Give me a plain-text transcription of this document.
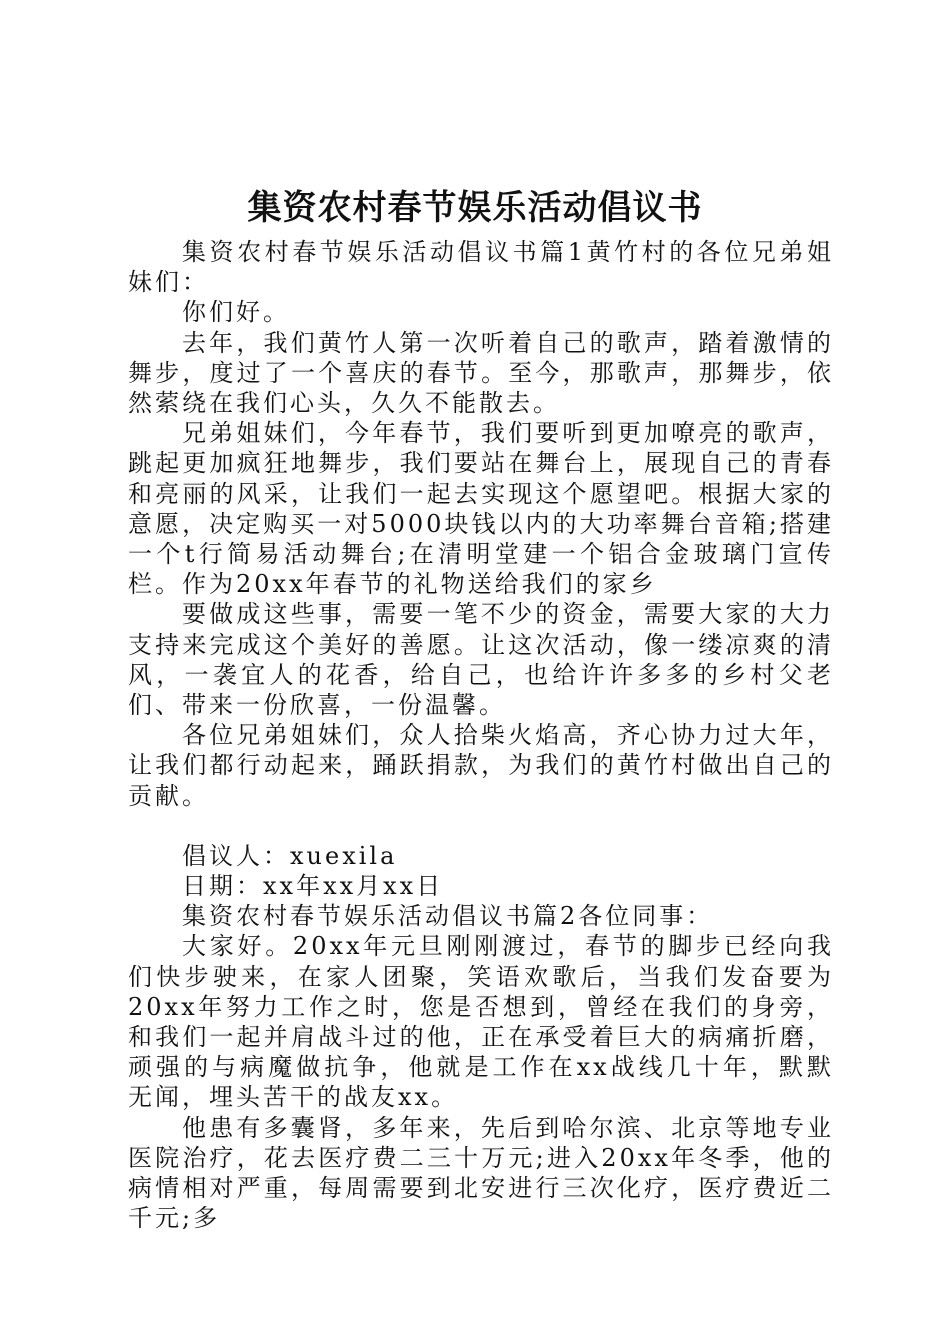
集资农村春节娱乐活动倡议书

集资农村春节娱乐活动倡议书篇1黄竹村的各位兄弟姐妹们：

你们好。

去年，我们黄竹人第一次听着自己的歌声，踏着激情的舞步，度过了一个喜庆的春节。至今，那歌声，那舞步，依然萦绕在我们心头，久久不能散去。

兄弟姐妹们，今年春节，我们要听到更加嘹亮的歌声，跳起更加疯狂地舞步，我们要站在舞台上，展现自己的青春和亮丽的风采，让我们一起去实现这个愿望吧。根据大家的意愿，决定购买一对5000块钱以内的大功率舞台音箱;搭建一个t行简易活动舞台;在清明堂建一个铝合金玻璃门宣传栏。作为20xx年春节的礼物送给我们的家乡

要做成这些事，需要一笔不少的资金，需要大家的大力支持来完成这个美好的善愿。让这次活动，像一缕凉爽的清风，一袭宜人的花香，给自己，也给许许多多的乡村父老们、带来一份欣喜，一份温馨。

各位兄弟姐妹们，众人拾柴火焰高，齐心协力过大年，让我们都行动起来，踊跃捐款，为我们的黄竹村做出自己的贡献。

倡议人：xuexila

日期：xx年xx月xx日

集资农村春节娱乐活动倡议书篇2各位同事：

大家好。20xx年元旦刚刚渡过，春节的脚步已经向我们快步驶来，在家人团聚，笑语欢歌后，当我们发奋要为20xx年努力工作之时，您是否想到，曾经在我们的身旁，和我们一起并肩战斗过的他，正在承受着巨大的病痛折磨，顽强的与病魔做抗争，他就是工作在xx战线几十年，默默无闻，埋头苦干的战友xx。

他患有多囊肾，多年来，先后到哈尔滨、北京等地专业医院治疗，花去医疗费二三十万元;进入20xx年冬季，他的病情相对严重，每周需要到北安进行三次化疗，医疗费近二千元;多
